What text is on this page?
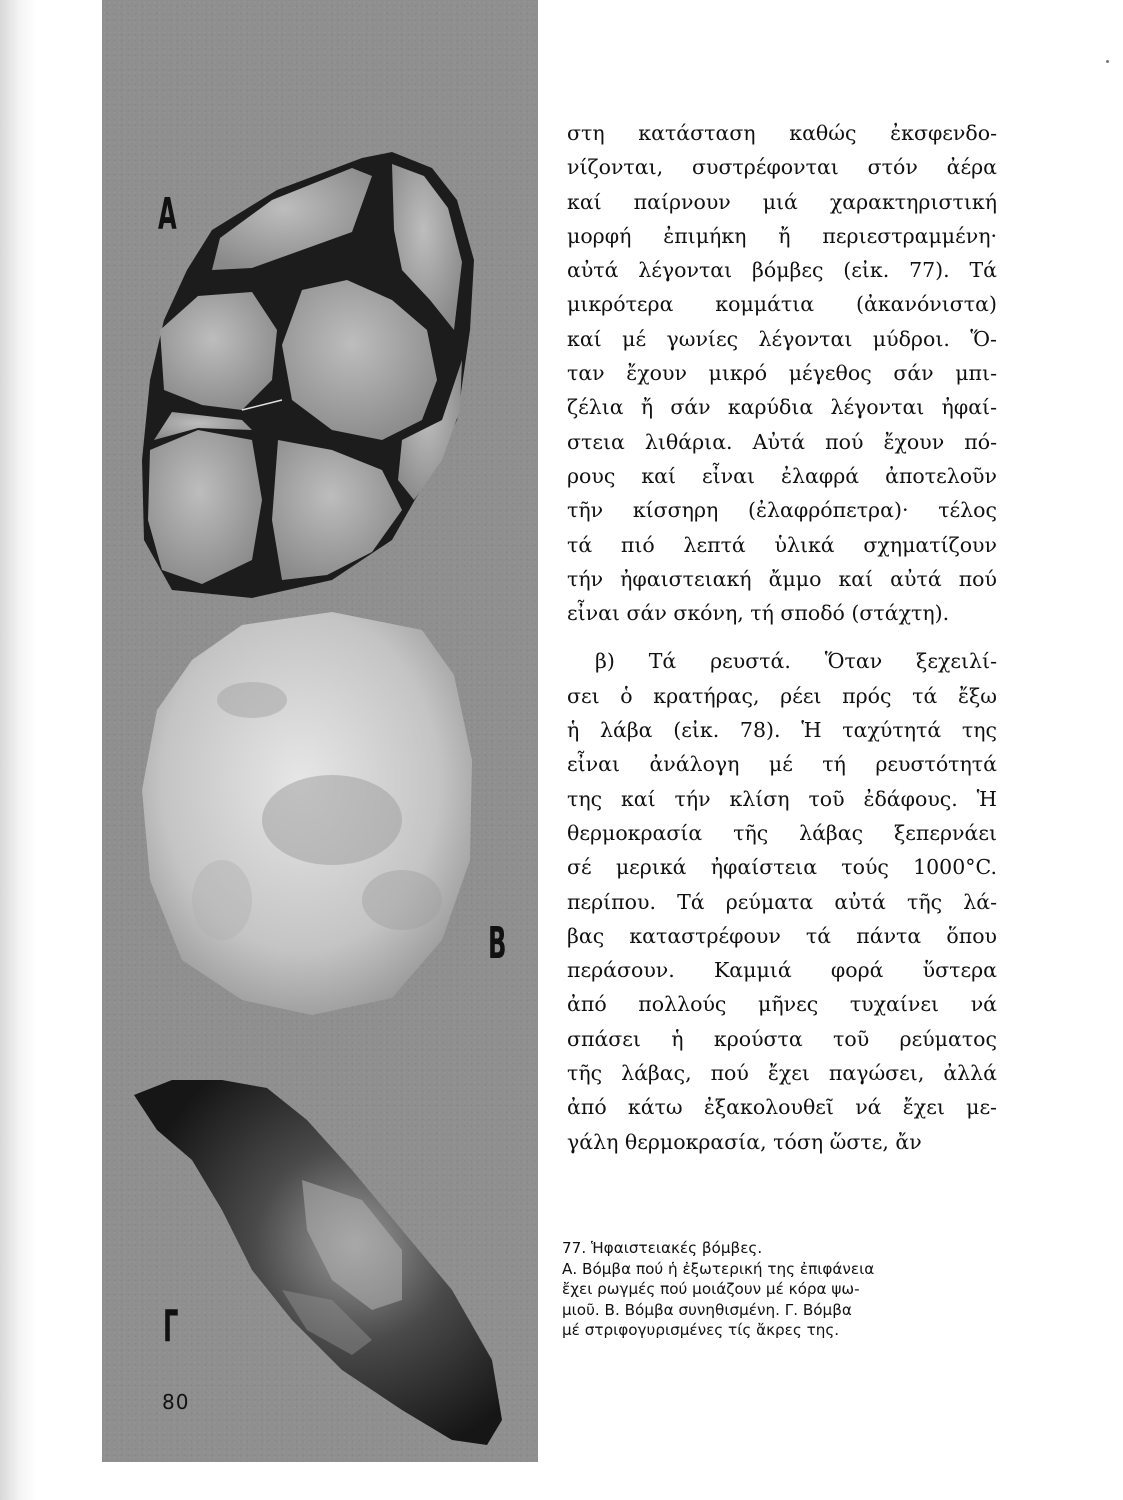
Α
Β
Γ
80
στη κατάσταση καθώς ἐκσφενδο-
νίζονται, συστρέφονται στόν ἀέρα
καί παίρνουν μιά χαρακτηριστική
μορφή ἐπιμήκη ἤ περιεστραμμένη·
αὐτά λέγονται βόμβες (εἰκ. 77). Τά
μικρότερα κομμάτια (ἀκανόνιστα)
καί μέ γωνίες λέγονται μύδροι. Ὅ-
ταν ἔχουν μικρό μέγεθος σάν μπι-
ζέλια ἤ σάν καρύδια λέγονται ἠφαί-
στεια λιθάρια. Αὐτά πού ἔχουν πό-
ρους καί εἶναι ἐλαφρά ἀποτελοῦν
τῆν κίσσηρη (ἐλαφρόπετρα)· τέλος
τά πιό λεπτά ὑλικά σχηματίζουν
τήν ἠφαιστειακή ἄμμο καί αὐτά πού
εἶναι σάν σκόνη, τή σποδό (στάχτη).
β) Τά ρευστά. Ὅταν ξεχειλί-
σει ὁ κρατήρας, ρέει πρός τά ἔξω
ἡ λάβα (εἰκ. 78). Ἡ ταχύτητά της
εἶναι ἀνάλογη μέ τή ρευστότητά
της καί τήν κλίση τοῦ ἐδάφους. Ἡ
θερμοκρασία τῆς λάβας ξεπερνάει
σέ μερικά ἠφαίστεια τούς 1000°C.
περίπου. Τά ρεύματα αὐτά τῆς λά-
βας καταστρέφουν τά πάντα ὅπου
περάσουν. Καμμιά φορά ὕστερα
ἀπό πολλούς μῆνες τυχαίνει νά
σπάσει ἡ κρούστα τοῦ ρεύματος
τῆς λάβας, πού ἔχει παγώσει, ἀλλά
ἀπό κάτω ἐξακολουθεῖ νά ἔχει με-
γάλη θερμοκρασία, τόση ὥστε, ἄν
77. Ἡφαιστειακές βόμβες.
Α. Βόμβα πού ἡ ἐξωτερική της ἐπιφάνεια
ἔχει ρωγμές πού μοιάζουν μέ κόρα ψω-
μιοῦ. Β. Βόμβα συνηθισμένη. Γ. Βόμβα
μέ στριφογυρισμένες τίς ἄκρες της.
